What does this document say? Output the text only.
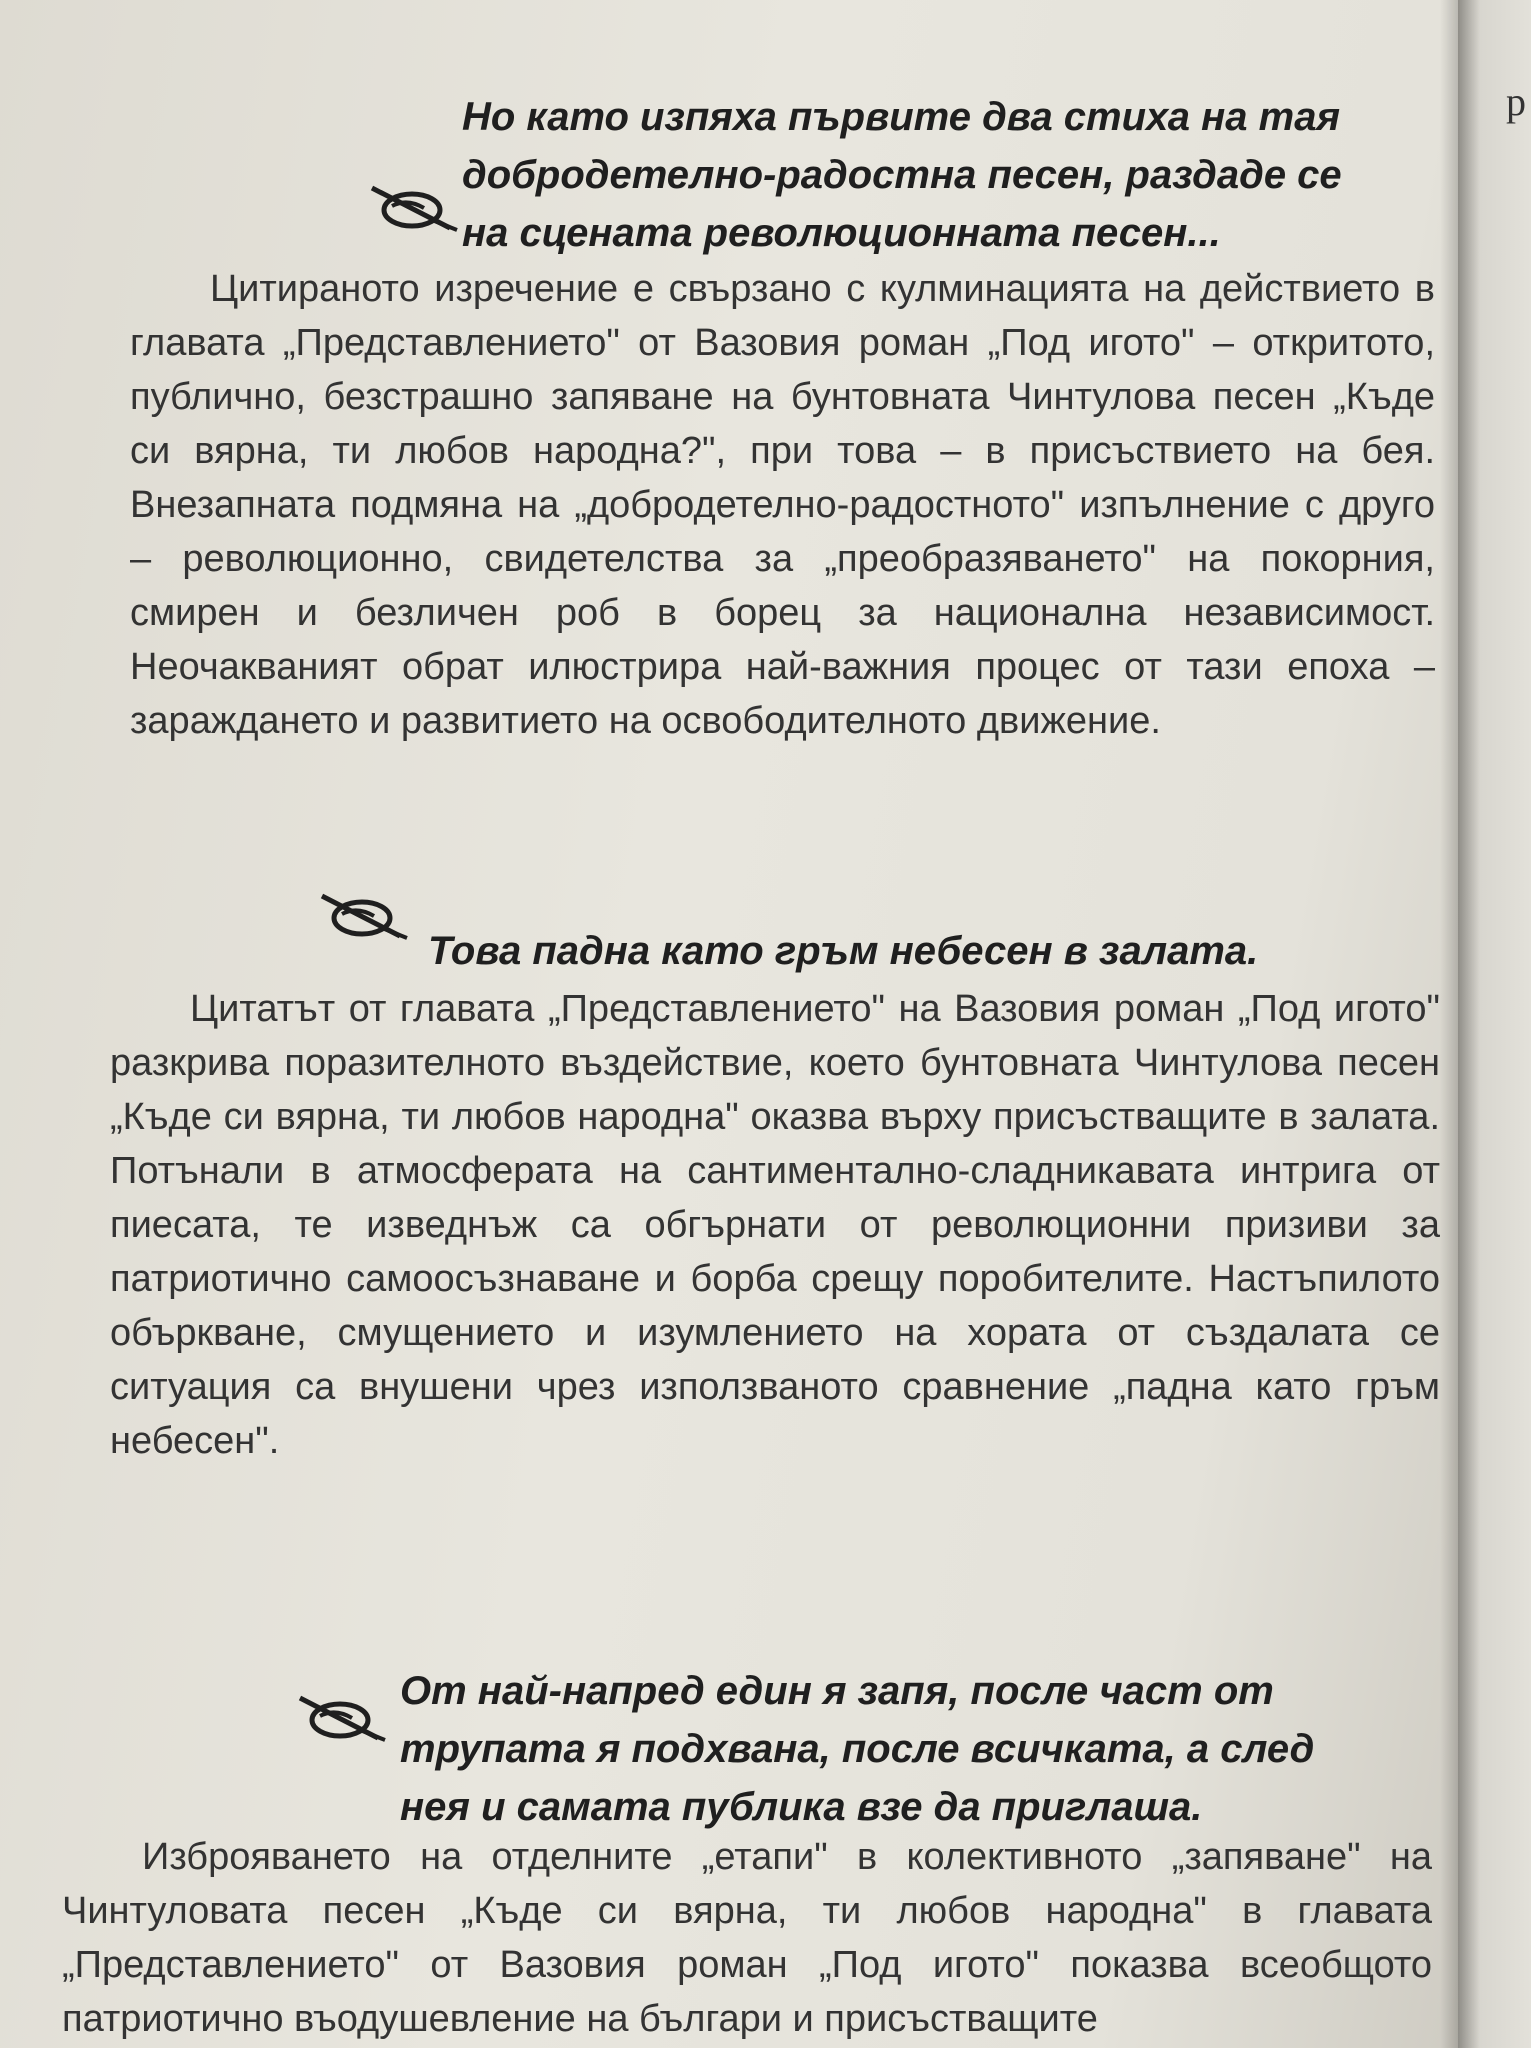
Но като изпяха първите два стиха на тая
добродетелно-радостна песен, раздаде се
на сцената революционната песен...
Цитираното изречение е свързано с кулминацията на действието в главата „Представлението" от Вазовия роман „Под игото" – откритото, публично, безстрашно запяване на бунтовната Чинтулова песен „Къде си вярна, ти любов народна?", при това – в присъствието на бея. Внезапната подмяна на „добродетелно-радостното" изпълнение с друго – революционно, свидетелства за „преобразяването" на покорния, смирен и безличен роб в борец за национална независимост. Неочакваният обрат илюстрира най-важния процес от тази епоха – зараждането и развитието на освободителното движение.
Това падна като гръм небесен в залата.
Цитатът от главата „Представлението" на Вазовия роман „Под игото" разкрива поразителното въздействие, което бунтовната Чинтулова песен „Къде си вярна, ти любов народна" оказва върху присъстващите в залата. Потънали в атмосферата на сантиментално-сладникавата интрига от пиесата, те изведнъж са обгърнати от революционни призиви за патриотично самоосъзнаване и борба срещу поробителите. Настъпилото объркване, смущението и изумлението на хората от създалата се ситуация са внушени чрез използваното сравнение „падна като гръм небесен".
От най-напред един я запя, после част от
трупата я подхвана, после всичката, а след
нея и самата публика взе да приглаша.
Изброяването на отделните „етапи" в колективното „запяване" на Чинтуловата песен „Къде си вярна, ти любов народна" в главата „Представлението" от Вазовия роман „Под игото" показва всеобщото патриотично въодушевление на българи и присъстващите
р
